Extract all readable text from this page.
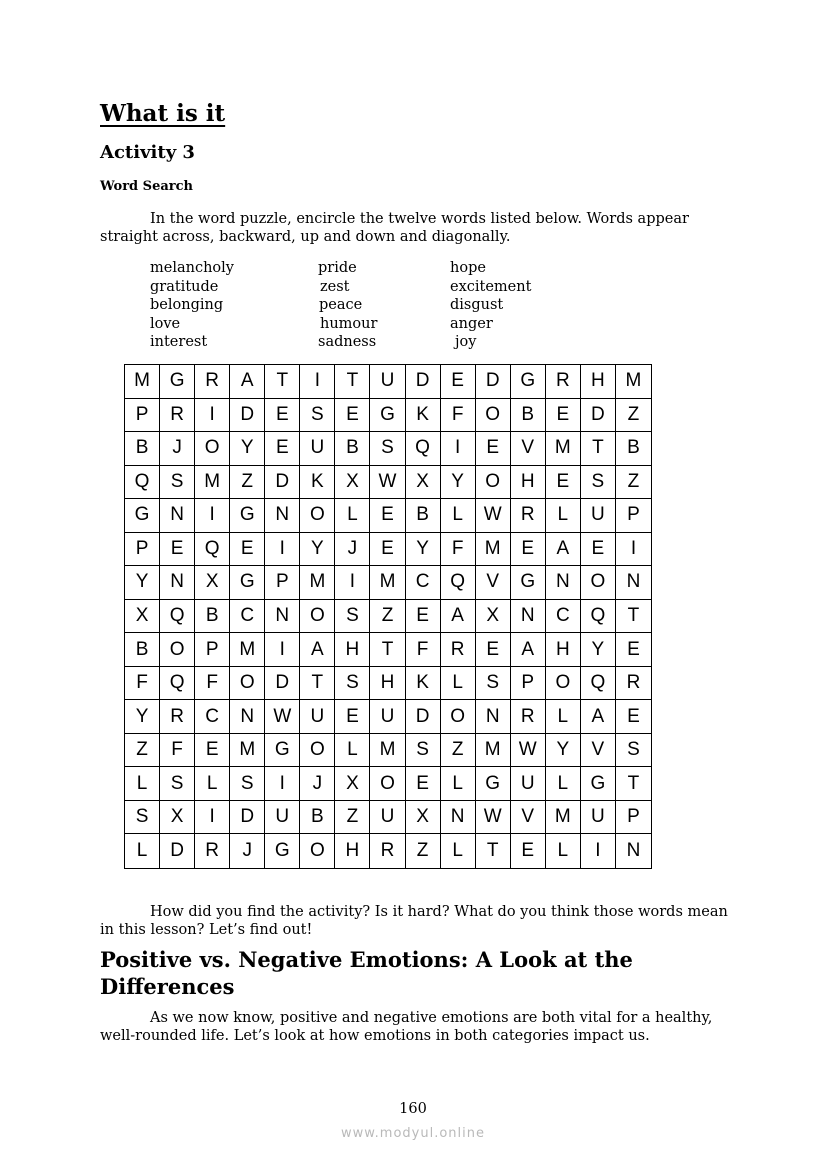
What is it
Activity 3
Word Search

In the word puzzle, encircle the twelve words listed below. Words appear straight across, backward, up and down and diagonally.

melancholy
gratitude
belonging
love
interest
pride
zest
peace
humour
sadness
hope
excitement
disgust
anger
joy
M	G	R	A	T	I	T	U	D	E	D	G	R	H	M
P	R	I	D	E	S	E	G	K	F	O	B	E	D	Z
B	J	O	Y	E	U	B	S	Q	I	E	V	M	T	B
Q	S	M	Z	D	K	X	W	X	Y	O	H	E	S	Z
G	N	I	G	N	O	L	E	B	L	W	R	L	U	P
P	E	Q	E	I	Y	J	E	Y	F	M	E	A	E	I
Y	N	X	G	P	M	I	M	C	Q	V	G	N	O	N
X	Q	B	C	N	O	S	Z	E	A	X	N	C	Q	T
B	O	P	M	I	A	H	T	F	R	E	A	H	Y	E
F	Q	F	O	D	T	S	H	K	L	S	P	O	Q	R
Y	R	C	N	W	U	E	U	D	O	N	R	L	A	E
Z	F	E	M	G	O	L	M	S	Z	M W	Y	V	S
L	S	L	S	I	J	X	O	E	L	G	U	L	G	T
S	X	I	D	U	B	Z	U	X	N	W	V	M	U	P
L	D	R	J	G	O	H	R	Z	L	T	E	L	I	N

How did you find the activity? Is it hard? What do you think those words mean in this lesson? Let’s find out!

Positive vs. Negative Emotions: A Look at the Differences

As we now know, positive and negative emotions are both vital for a healthy, well-rounded life. Let’s look at how emotions in both categories impact us.

160
www.modyul.online
